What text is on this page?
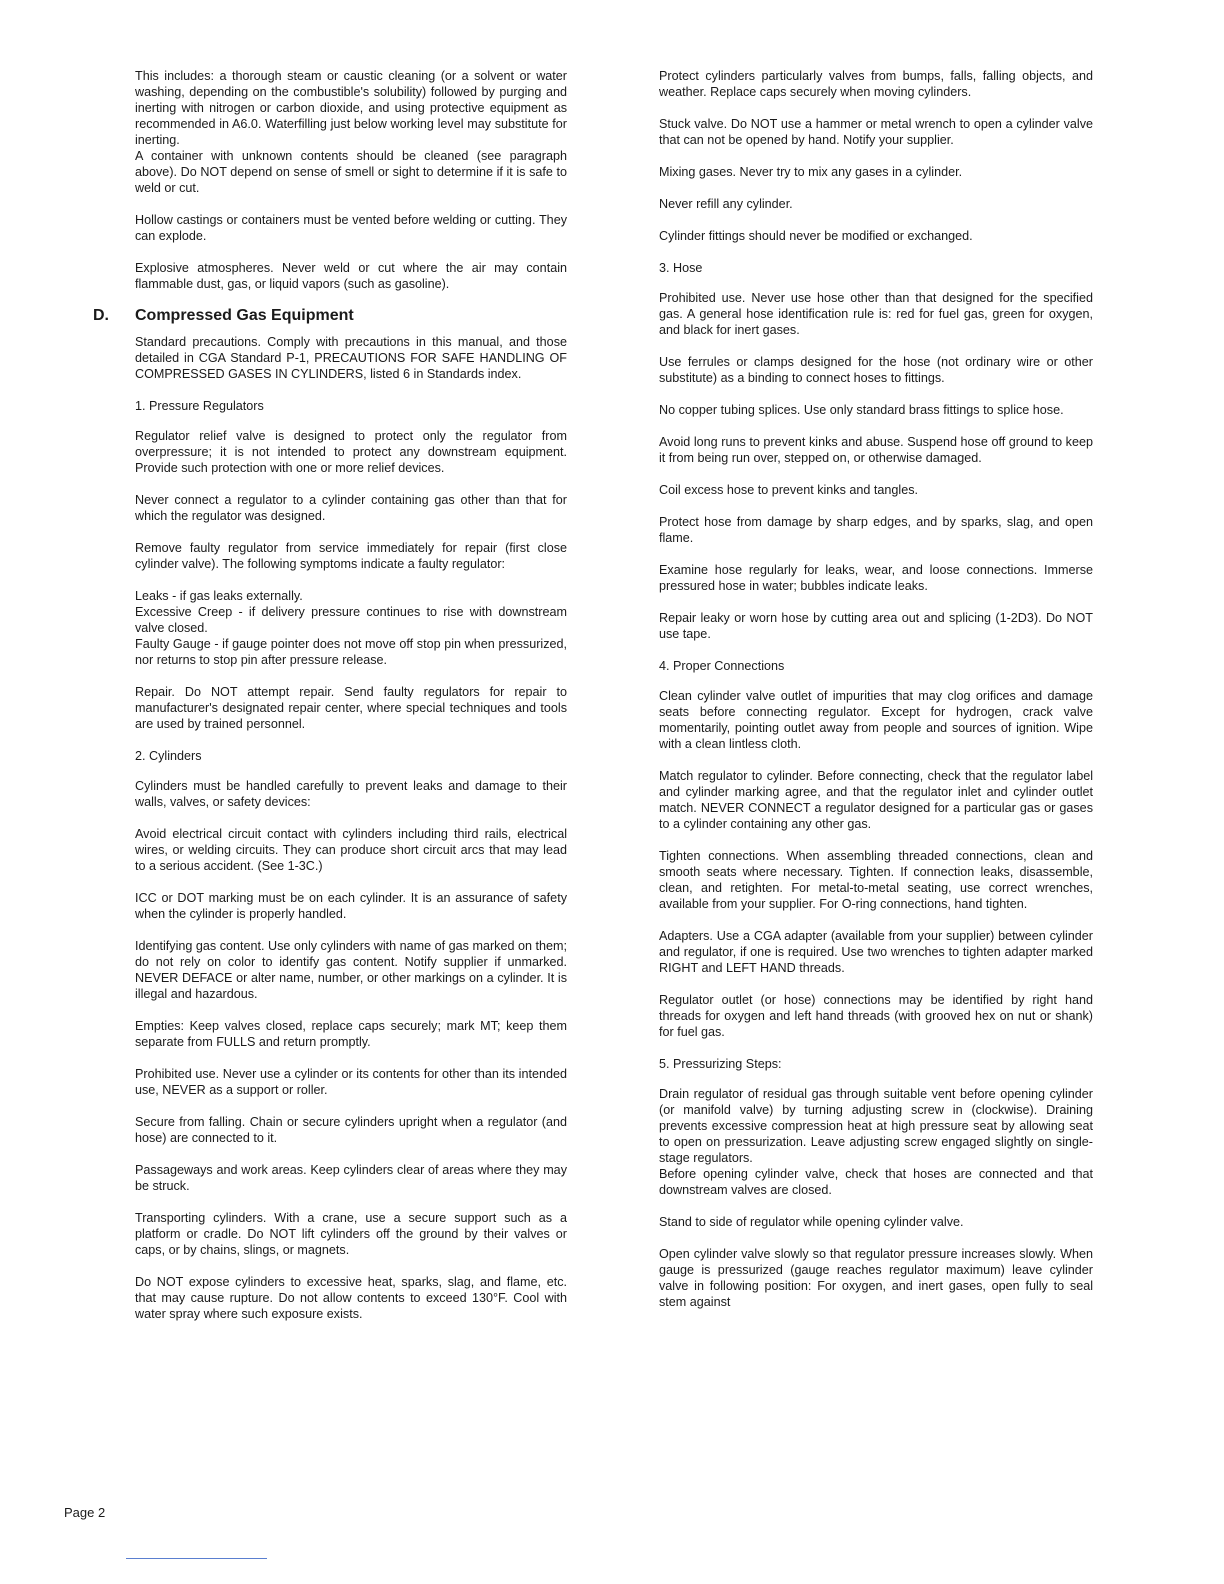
This includes: a thorough steam or caustic cleaning (or a solvent or water washing, depending on the combustible's solubility) followed by purging and inerting with nitrogen or carbon dioxide, and using protective equipment as recommended in A6.0. Waterfilling just below working level may substitute for inerting.

A container with unknown contents should be cleaned (see paragraph above). Do NOT depend on sense of smell or sight to determine if it is safe to weld or cut.

Hollow castings or containers must be vented before welding or cutting. They can explode.

Explosive atmospheres. Never weld or cut where the air may contain flammable dust, gas, or liquid vapors (such as gasoline).

D. Compressed Gas Equipment

Standard precautions. Comply with precautions in this manual, and those detailed in CGA Standard P-1, PRECAUTIONS FOR SAFE HANDLING OF COMPRESSED GASES IN CYLINDERS, listed 6 in Standards index.

1. Pressure Regulators

Regulator relief valve is designed to protect only the regulator from overpressure; it is not intended to protect any downstream equipment. Provide such protection with one or more relief devices.

Never connect a regulator to a cylinder containing gas other than that for which the regulator was designed.

Remove faulty regulator from service immediately for repair (first close cylinder valve). The following symptoms indicate a faulty regulator:

Leaks - if gas leaks externally.

Excessive Creep - if delivery pressure continues to rise with downstream valve closed.

Faulty Gauge - if gauge pointer does not move off stop pin when pressurized, nor returns to stop pin after pressure release.

Repair. Do NOT attempt repair. Send faulty regulators for repair to manufacturer's designated repair center, where special techniques and tools are used by trained personnel.

2. Cylinders

Cylinders must be handled carefully to prevent leaks and damage to their walls, valves, or safety devices:

Avoid electrical circuit contact with cylinders including third rails, electrical wires, or welding circuits. They can produce short circuit arcs that may lead to a serious accident. (See 1-3C.)

ICC or DOT marking must be on each cylinder. It is an assurance of safety when the cylinder is properly handled.

Identifying gas content. Use only cylinders with name of gas marked on them; do not rely on color to identify gas content. Notify supplier if unmarked. NEVER DEFACE or alter name, number, or other markings on a cylinder. It is illegal and hazardous.

Empties: Keep valves closed, replace caps securely; mark MT; keep them separate from FULLS and return promptly.

Prohibited use. Never use a cylinder or its contents for other than its intended use, NEVER as a support or roller.

Secure from falling. Chain or secure cylinders upright when a regulator (and hose) are connected to it.

Passageways and work areas. Keep cylinders clear of areas where they may be struck.

Transporting cylinders. With a crane, use a secure support such as a platform or cradle. Do NOT lift cylinders off the ground by their valves or caps, or by chains, slings, or magnets.

Do NOT expose cylinders to excessive heat, sparks, slag, and flame, etc. that may cause rupture. Do not allow contents to exceed 130°F. Cool with water spray where such exposure exists.

Protect cylinders particularly valves from bumps, falls, falling objects, and weather. Replace caps securely when moving cylinders.

Stuck valve. Do NOT use a hammer or metal wrench to open a cylinder valve that can not be opened by hand. Notify your supplier.

Mixing gases. Never try to mix any gases in a cylinder.

Never refill any cylinder.

Cylinder fittings should never be modified or exchanged.

3. Hose

Prohibited use. Never use hose other than that designed for the specified gas. A general hose identification rule is: red for fuel gas, green for oxygen, and black for inert gases.

Use ferrules or clamps designed for the hose (not ordinary wire or other substitute) as a binding to connect hoses to fittings.

No copper tubing splices. Use only standard brass fittings to splice hose.

Avoid long runs to prevent kinks and abuse. Suspend hose off ground to keep it from being run over, stepped on, or otherwise damaged.

Coil excess hose to prevent kinks and tangles.

Protect hose from damage by sharp edges, and by sparks, slag, and open flame.

Examine hose regularly for leaks, wear, and loose connections. Immerse pressured hose in water; bubbles indicate leaks.

Repair leaky or worn hose by cutting area out and splicing (1-2D3). Do NOT use tape.

4. Proper Connections

Clean cylinder valve outlet of impurities that may clog orifices and damage seats before connecting regulator. Except for hydrogen, crack valve momentarily, pointing outlet away from people and sources of ignition. Wipe with a clean lintless cloth.

Match regulator to cylinder. Before connecting, check that the regulator label and cylinder marking agree, and that the regulator inlet and cylinder outlet match. NEVER CONNECT a regulator designed for a particular gas or gases to a cylinder containing any other gas.

Tighten connections. When assembling threaded connections, clean and smooth seats where necessary. Tighten. If connection leaks, disassemble, clean, and retighten. For metal-to-metal seating, use correct wrenches, available from your supplier. For O-ring connections, hand tighten.

Adapters. Use a CGA adapter (available from your supplier) between cylinder and regulator, if one is required. Use two wrenches to tighten adapter marked RIGHT and LEFT HAND threads.

Regulator outlet (or hose) connections may be identified by right hand threads for oxygen and left hand threads (with grooved hex on nut or shank) for fuel gas.

5. Pressurizing Steps:

Drain regulator of residual gas through suitable vent before opening cylinder (or manifold valve) by turning adjusting screw in (clockwise). Draining prevents excessive compression heat at high pressure seat by allowing seat to open on pressurization. Leave adjusting screw engaged slightly on single-stage regulators.

Before opening cylinder valve, check that hoses are connected and that downstream valves are closed.

Stand to side of regulator while opening cylinder valve.

Open cylinder valve slowly so that regulator pressure increases slowly. When gauge is pressurized (gauge reaches regulator maximum) leave cylinder valve in following position: For oxygen, and inert gases, open fully to seal stem against

Page 2
